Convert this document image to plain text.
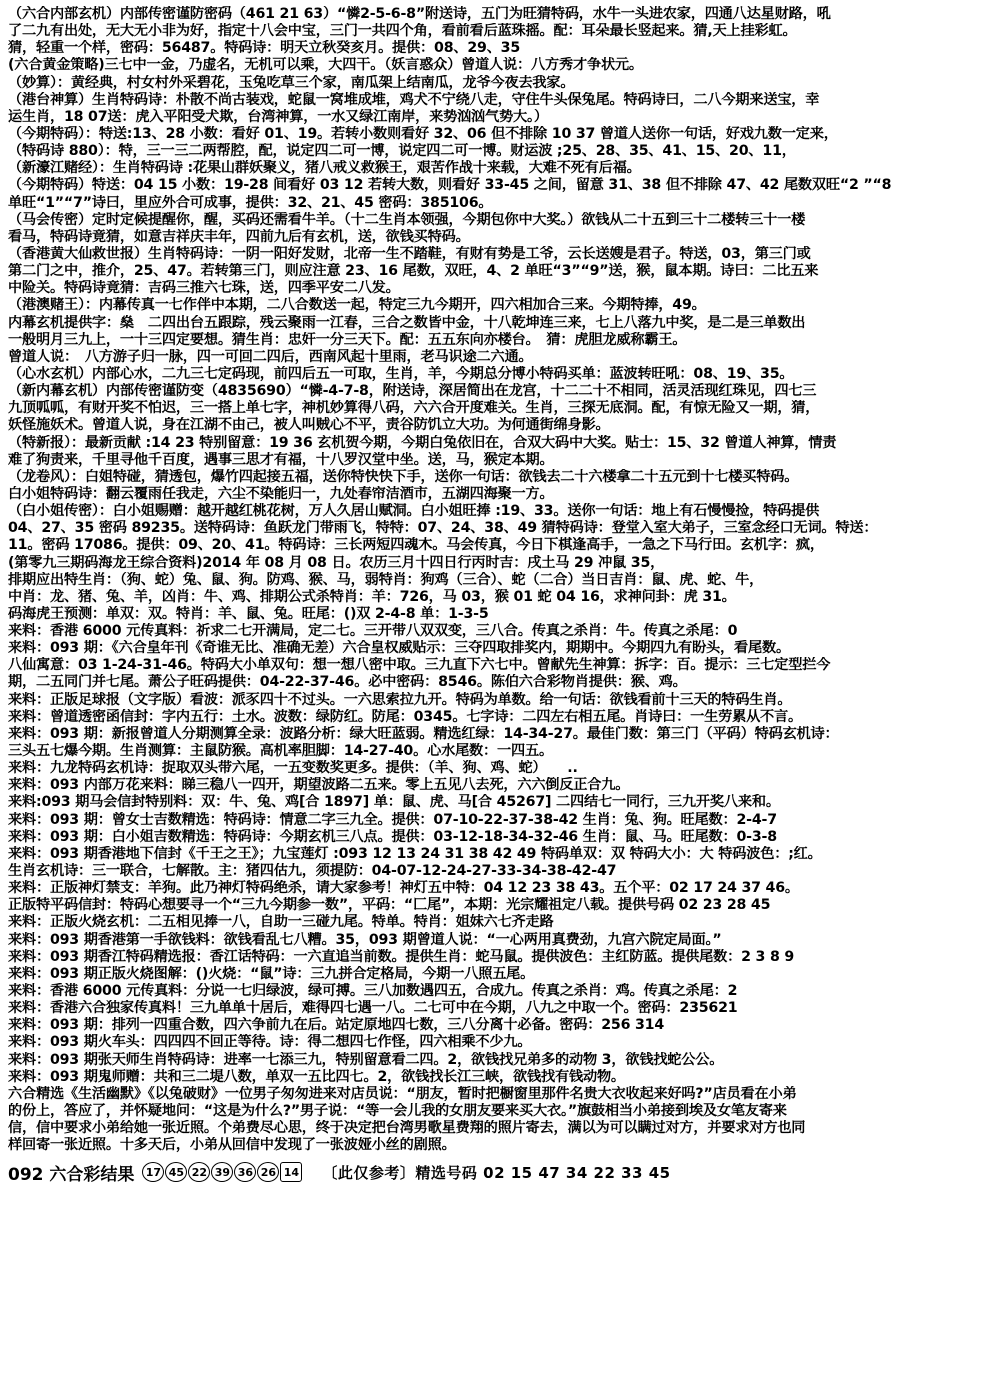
（六合内部玄机）内部传密谨防密码（461 21 63）“憐2-5-6-8”附送诗，五门为旺猜特码，水牛一头进农家，四通八达星财路，吼
了二九有出处，无大无小非为好，指定十八会中宝，三门一共四个角，看前看后蓝珠摇。配：耳朵最长竖起来。猜,天上挂彩虹。
猜，轻重一个样，密码：56487。特码诗：明天立秋癸亥月。提供：08、29、35
(六合黄金策略)三七中一金，乃虚名，无机可以乘，大四干。（妖言惑众）曾道人说：八方秀才争状元。
（妙算）：黄经典，村女村外采碧花，玉兔吃草三个家，南瓜架上结南瓜，龙爷今夜去我家。
（港台神算）生肖特码诗：朴散不尚古装戏，蛇鼠一窝堆成堆，鸡犬不宁绕八走，守住牛头保兔尾。特码诗曰，二八今期来送宝，幸
运生肖，18 07送：虎入平阳受犬欺，台湾神算，一水又绿江南岸，来势汹汹气势大。）
（今期特码）：特送:13、28 小数：看好 01、19。若转小数则看好 32、06 但不排除 10 37 曾道人送你一句话，好戏九数一定来，
（特码诗 880）：特，三一三二两帮腔，配，说定四二可一博，说定四二可一博。财运波 ;25、28、35、41、15、20、11，
（新濠江赌经）：生肖特码诗 :花果山群妖聚义，猪八戒义救猴王，艰苦作战十来载，大难不死有后福。
（今期特码）特送：04 15 小数：19-28 间看好 03 12 若转大数，则看好 33-45 之间，留意 31、38 但不排除 47、42 尾数双旺“2 ”“8
单旺“1”“7”诗曰，里应外合可成事，提供：32、21、45 密码：385106。
（马会传密）定时定候提醒你，醒，买码还需看牛羊。（十二生肖本领强，今期包你中大奖。）欲钱从二十五到三十二楼转三十一楼
看马，特码诗竟猜，如意吉祥庆丰年，四前九后有玄机，送，欲钱买特码。
（香港黄大仙救世报）生肖特码诗：一阴一阳好发财，北帝一生不踏鞋，有财有势是工爷，云长送嫂是君子。特送，03，第三门或
第二门之中，推介，25、47。若转第三门，则应注意 23、16 尾数，双旺，4、2 单旺“3”“9”送，猴，鼠本期。诗曰：二比五来
中险关。特码诗竟猜：吉码三推六七珠，送，四季平安二八发。
（港澳赌王）：内幕传真一七作伴中本期，二八合数送一起，特定三九今期开，四六相加合三来。今期特捧，49。
内幕玄机提供字：燊　二四出台五跟踪，残云聚雨一江春，三合之数皆中金，十八乾坤连三来，七上八落九中奖，是二是三单数出
一般明月三九上，一十三四定要想。猜生肖：忠奸一分三天下。配：五五东向亦楼台。　猜：虎胆龙威称霸王。
曾道人说：　八方游子归一脉，四一可回二四后，西南风起十里雨，老马识途二六通。
（心水玄机）内部心水，二九三七定码现，前四后五一可取，生肖，羊，今期总分博小特码买单：蓝波转旺吼：08、19、35。
（新内幕玄机）内部传密谨防变（4835690）“憐-4-7-8，附送诗，深居简出在龙宫，十二二十不相同，活灵活现红珠见，四七三
九顶呱呱，有财开奖不怕迟，三一搭上单七字，神机妙算得八码，六六合开度难关。生肖，三探无底洞。配，有惊无险又一期，猜，
妖怪施妖术。曾道人说，身在江湖不由己，被人叫贼心不平，责谷防饥立大功。为何通街绵身影。
（特新报）：最新贡献 :14 23 特别留意：19 36 玄机贺今期，今期白兔依旧在，合双大码中大奖。贴士：15、32 曾道人神算，情责
难了狗责来，千里寻他千百度，遇事三思才有福，十八罗汉堂中坐。送，马，猴定本期。
（龙卷风）：白姐特碰，猜透包，爆竹四起接五福，送你特快快下手，送你一句话：欲钱去二十六楼拿二十五元到十七楼买特码。
白小姐特码诗：翻云覆雨任我走，六尘不染能归一，九处春帘洁酒市，五湖四海聚一方。
（白小姐传密）：白小姐赐赠：越开越红桃花树，万人久居山赋洞。白小姐旺捧 :19、33。送你一句话：地上有石慢慢捡，特码提供
04、27、35 密码 89235。送特码诗：鱼跃龙门带雨飞，特特：07、24、38、49 猜特码诗：登堂入室大弟子，三室念经口无词。特送：
11。密码 17086。提供：09、20、41。特码诗：三长两短四魂木。马会传真，今日下棋逢高手，一急之下马行田。玄机字：疯，
(第零九三期码海龙王综合资料)2014 年 08 月 08 日。农历三月十四日行丙时吉：戌土马 29 冲鼠 35，
排期应出特生肖：（狗、蛇）兔、鼠、狗。防鸡、猴、马，弱特肖：狗鸡（三合）、蛇（二合）当日吉肖：鼠、虎、蛇、牛，
中肖：龙、猪、兔、羊，凶肖：牛、鸡、排期公式杀特肖：羊：726，马 03，猴 01 蛇 04 16，求神问卦：虎 31。
码海虎王预测：单双：双。特肖：羊、鼠、兔。旺尾：()双 2-4-8 单：1-3-5
来料：香港 6000 元传真料：祈求二七开满局，定二七。三开带八双双变，三八合。传真之杀肖：牛。传真之杀尾：0
来料：093 期：《六合皇年刊《奇谁无比、准确无差）六合皇权威贴示：三夺四取排奖内，期期中。今期四九有盼头，看尾数。
八仙寓意：03 1-24-31-46。特码大小单双句：想一想八密中取。三九直下六七中。曾献先生神算：拆字：百。提示：三七定型拦今
期，二五同门并七尾。萧公子旺码提供：04-22-37-46。必中密码：8546。陈伯六合彩物肖提供：猴、鸡。
来料：正版足球报（文字版）看波：派豕四十不过头。一六思索拉九开。特码为单数。给一句话：欲钱看前十三天的特码生肖。
来料：曾道透密函信封：字内五行：土水。波数：绿防红。防尾：0345。七字诗：二四左右相五尾。肖诗曰：一生劳累从不言。
来料：093 期：新报曾道人分期测算全录：波路分析：绿大旺蓝弱。精选红绿：14-34-27。最佳门数：第三门（平码）特码玄机诗：
三头五七爆今期。生肖测算：主鼠防猴。高机率胆脚：14-27-40。心水尾数：一四五。
来料：九龙特码玄机诗：捉取双头带六尾，一五变数奖更多。提供：（羊、狗、鸡、蛇）　　..
来料：093 内部万花来料：睇三稳八一四开，期望波路二五来。零上五见八去死，六六倒反正合九。
来料:093 期马会信封特别料：双：牛、兔、鸡[合 1897] 单：鼠、虎、马[合 45267] 二四结七一同行，三九开奖八来和。
来料：093 期：曾女士吉数精选：特码诗：情意二字三九全。提供：07-10-22-37-38-42 生肖：兔、狗。旺尾数：2-4-7
来料：093 期：白小姐吉数精选：特码诗：今期玄机三八点。提供：03-12-18-34-32-46 生肖：鼠、马。旺尾数：0-3-8
来料：093 期香港地下信封《千王之王》；九宝莲灯 :093 12 13 24 31 38 42 49 特码单双：双 特码大小：大 特码波色：;红。
生肖玄机诗：三一联合，七解散。主：猪四估九，须提防：04-07-12-24-27-33-34-38-42-47
来料：正版神灯禁支：羊狗。此乃神灯特码绝杀，请大家参考！神灯五中特：04 12 23 38 43。五个平：02 17 24 37 46。
正版特平码信封：特码心想要寻一个“三九今期参一数”，平码：“匚尾”，本期：光宗耀祖定八载。提供号码 02 23 28 45
来料：正版火烧玄机：二五相见捧一八，自助一三碰九尾。特单。特肖：姐妹六七齐走路
来料：093 期香港第一手欲钱料：欲钱看乱七八糟。35，093 期曾道人说：“一心两用真费劲，九宫六院定局面。”
来料：093 期香江特码精选报：香江话特码：一六直追当前数。提供生肖：蛇马鼠。提供波色：主红防蓝。提供尾数：2 3 8 9
来料：093 期正版火烧图解：()火烧：“鼠”诗：三九拼合定格局，今期一八照五尾。
来料：香港 6000 元传真料：分说一七归绿波，绿可搏。三八加数遇四五，合成九。传真之杀肖：鸡。传真之杀尾：2
来料：香港六合独家传真料！三九单单十居后，难得四七遇一八。二七可中在今期，八九之中取一个。密码：235621
来料：093 期：排列一四重合数，四六争前九在后。站定原地四七数，三八分离十必备。密码：256 314
来料：093 期火车头：四四四不回正等待。诗：得二想四七作怪，四六相乘不少九。
来料：093 期张天师生肖特码诗：进率一七添三九，特别留意看二四。2，欲钱找兄弟多的动物 3，欲钱找蛇公公。
来料：093 期鬼师赠：共和三二堤八数，单双一五比四七。2，欲钱找长江三峡，欲钱找有钱动物。
六合精选《生活幽默》《以兔破财》一位男子匆匆进来对店员说：“朋友，暂时把橱窗里那件名贵大衣收起来好吗?”店员看在小弟
的份上，答应了，并怀疑地问：“这是为什么?”男子说：“等一会儿我的女朋友要来买大衣。”旗鼓相当小弟接到埃及女笔友寄来
信，信中要求小弟给她一张近照。个弟费尽心思，终于决定把台湾男歌星费翔的照片寄去，满以为可以瞒过对方，并要求对方也同
样回寄一张近照。十多天后，小弟从回信中发现了一张波娅小丝的剧照。
092 六合彩结果	17 45 22 39 36 26 14 〔此仅参考〕精选号码 02 15 47 34 22 33 45
